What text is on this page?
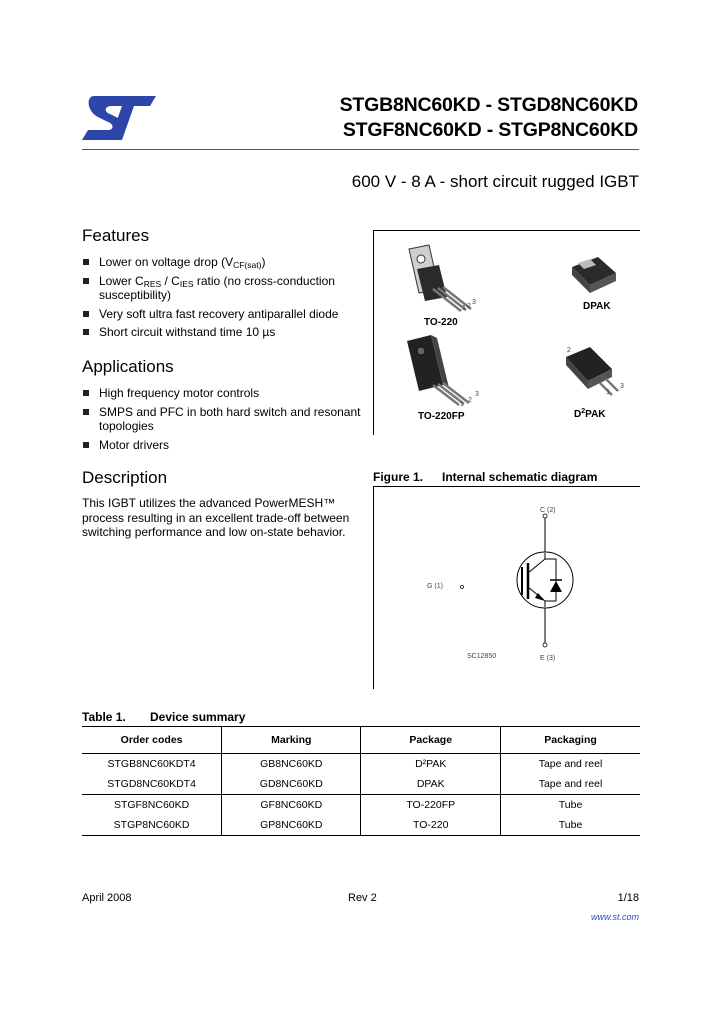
STGB8NC60KD - STGD8NC60KD
STGF8NC60KD - STGP8NC60KD
600 V - 8 A - short circuit rugged IGBT
Features
Lower on voltage drop $(V_{CF(sat)})$
Lower $C_{RES} / C_{IES}$ ratio (no cross-conduction susceptibility)
Very soft ultra fast recovery antiparallel diode
Short circuit withstand time 10 µs
Applications
High frequency motor controls
SMPS and PFC in both hard switch and resonant topologies
Motor drivers
Description
This IGBT utilizes the advanced PowerMESH™ process resulting in an excellent trade-off between switching performance and low on-state behavior.
1 2
3
TO-220
DPAK
1
2
3
TO-220FP
2
1
3
$D^2PAK$
Figure 1. Internal schematic diagram
C (2)
G (1)
E (3)
SC12850
Table 1. Device summary
Order codes	Marking	Package	Packaging
STGB8NC60KDT4	GB8NC60KD	D²PAK	Tape and reel
STGD8NC60KDT4	GD8NC60KD	DPAK	Tape and reel
STGF8NC60KD	GF8NC60KD	TO-220FP	Tube
STGP8NC60KD	GP8NC60KD	TO-220	Tube
April 2008	Rev 2	1/18
www.st.com
